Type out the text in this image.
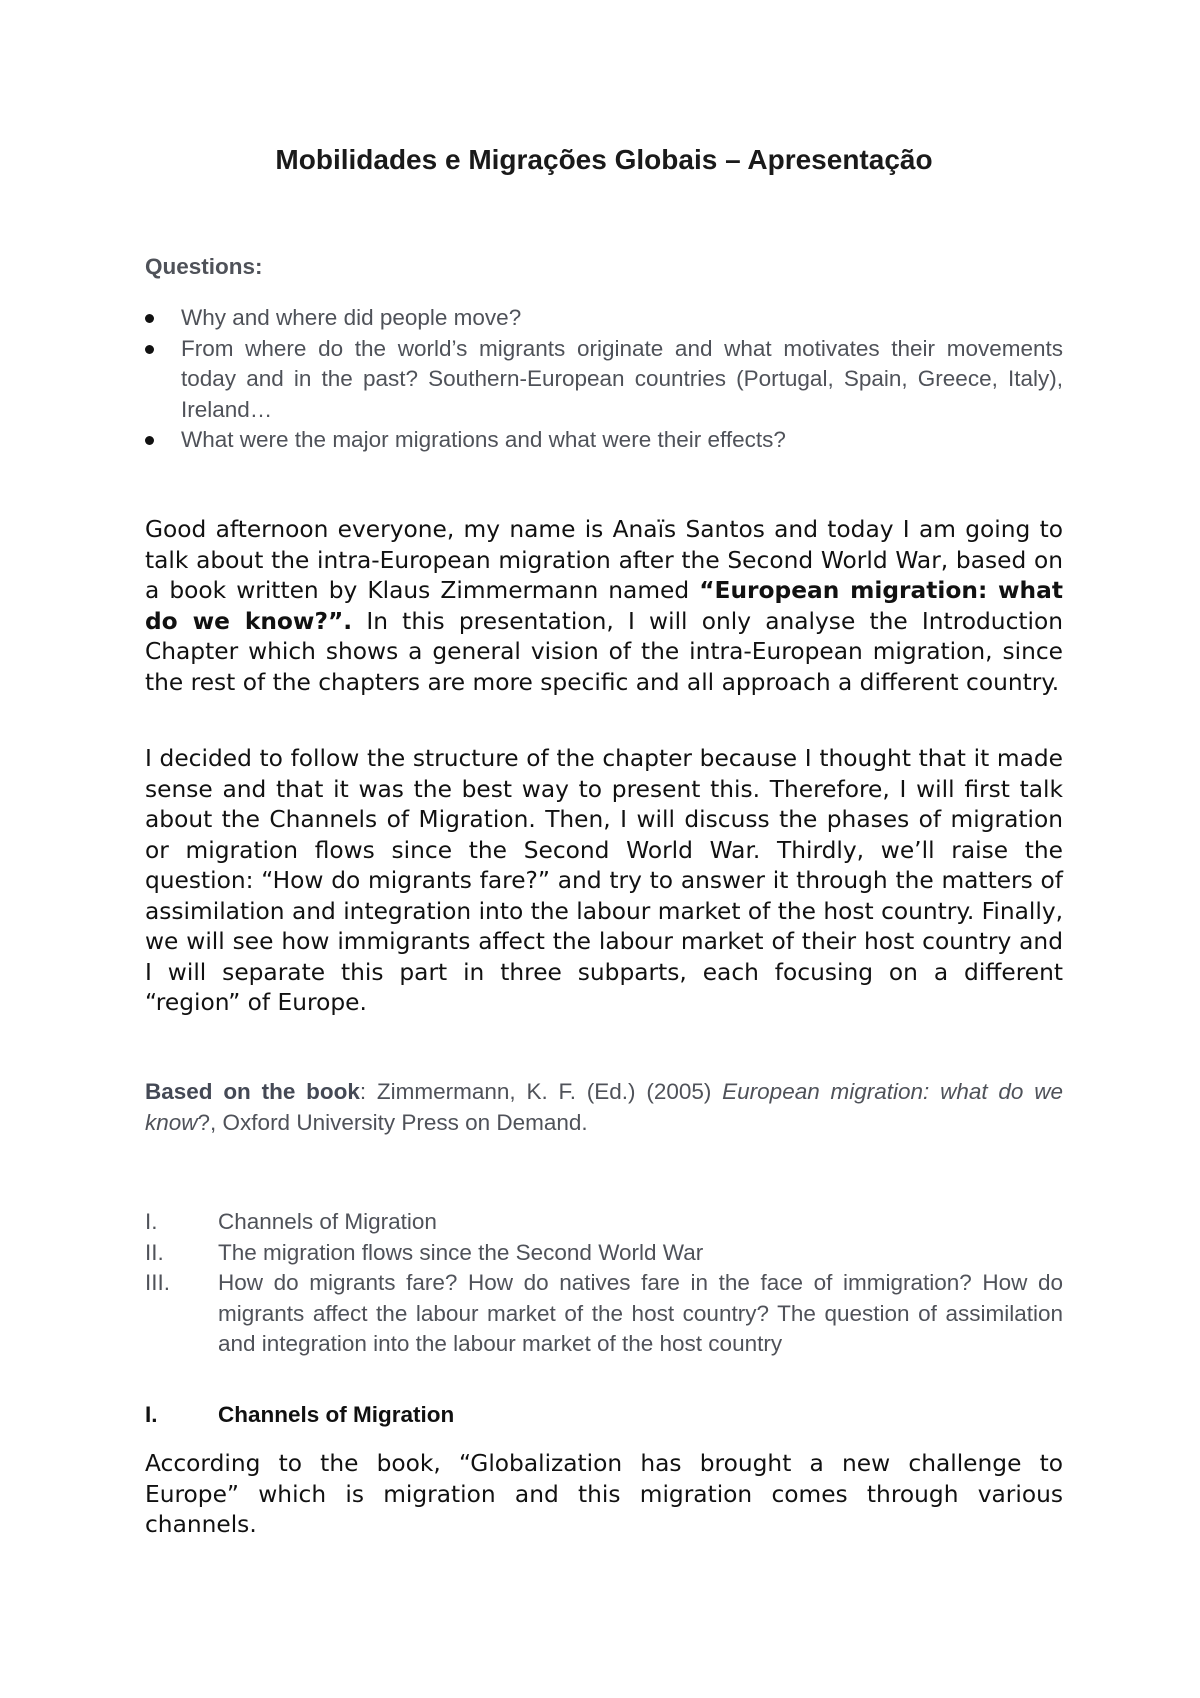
Mobilidades e Migrações Globais – Apresentação
Questions:
Why and where did people move?
From where do the world’s migrants originate and what motivates their movements today and in the past? Southern-European countries (Portugal, Spain, Greece, Italy), Ireland…
What were the major migrations and what were their effects?

Good afternoon everyone, my name is Anaïs Santos and today I am going to talk about the intra-European migration after the Second World War, based on a book written by Klaus Zimmermann named “European migration: what do we know?”. In this presentation, I will only analyse the Introduction Chapter which shows a general vision of the intra-European migration, since the rest of the chapters are more specific and all approach a different country.

I decided to follow the structure of the chapter because I thought that it made sense and that it was the best way to present this. Therefore, I will first talk about the Channels of Migration. Then, I will discuss the phases of migration or migration flows since the Second World War. Thirdly, we’ll raise the question: “How do migrants fare?” and try to answer it through the matters of assimilation and integration into the labour market of the host country. Finally, we will see how immigrants affect the labour market of their host country and I will separate this part in three subparts, each focusing on a different “region” of Europe.

Based on the book: Zimmermann, K. F. (Ed.) (2005) European migration: what do we know?, Oxford University Press on Demand.
I.	Channels of Migration
II. The migration flows since the Second World War
III. How do migrants fare? How do natives fare in the face of immigration? How do migrants affect the labour market of the host country? The question of assimilation and integration into the labour market of the host country
I.	Channels of Migration

According to the book, “Globalization has brought a new challenge to Europe” which is migration and this migration comes through various channels.
